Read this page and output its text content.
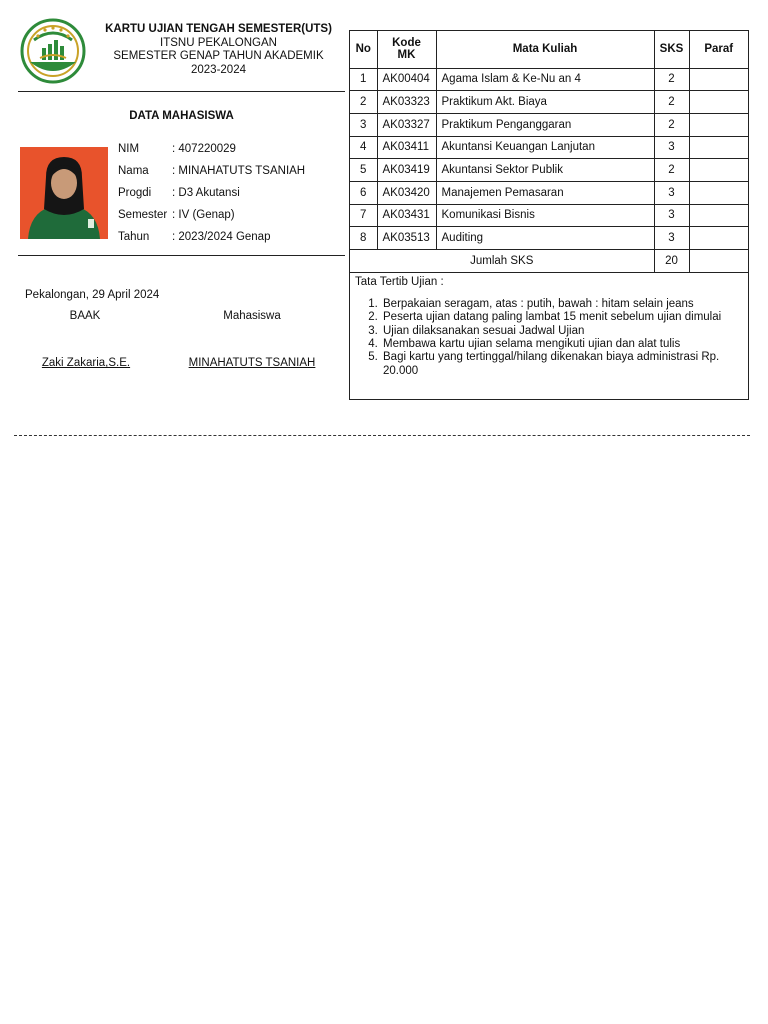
KARTU UJIAN TENGAH SEMESTER(UTS)
ITSNU PEKALONGAN
SEMESTER GENAP TAHUN AKADEMIK
2023-2024
DATA MAHASISWA
NIM	: 407220029
Nama : MINAHATUTS TSANIAH
Progdi : D3 Akutansi
Semester : IV (Genap)
Tahun : 2023/2024 Genap
Pekalongan, 29 April 2024
BAAK	Mahasiswa
Zaki Zakaria,S.E.	MINAHATUTS TSANIAH
No	Kode MK	Mata Kuliah	SKS	Paraf
1	AK00404	Agama Islam & Ke-Nu an 4	2	
2	AK03323	Praktikum Akt. Biaya	2	
3	AK03327	Praktikum Penganggaran	2	
4	AK03411	Akuntansi Keuangan Lanjutan	3	
5	AK03419	Akuntansi Sektor Publik	2	
6	AK03420	Manajemen Pemasaran	3	
7	AK03431	Komunikasi Bisnis	3	
8	AK03513	Auditing	3	
Jumlah SKS			20	
Tata Tertib Ujian :
1. Berpakaian seragam, atas : putih, bawah : hitam selain jeans
2. Peserta ujian datang paling lambat 15 menit sebelum ujian dimulai
3. Ujian dilaksanakan sesuai Jadwal Ujian
4. Membawa kartu ujian selama mengikuti ujian dan alat tulis
5. Bagi kartu yang tertinggal/hilang dikenakan biaya administrasi Rp. 20.000
